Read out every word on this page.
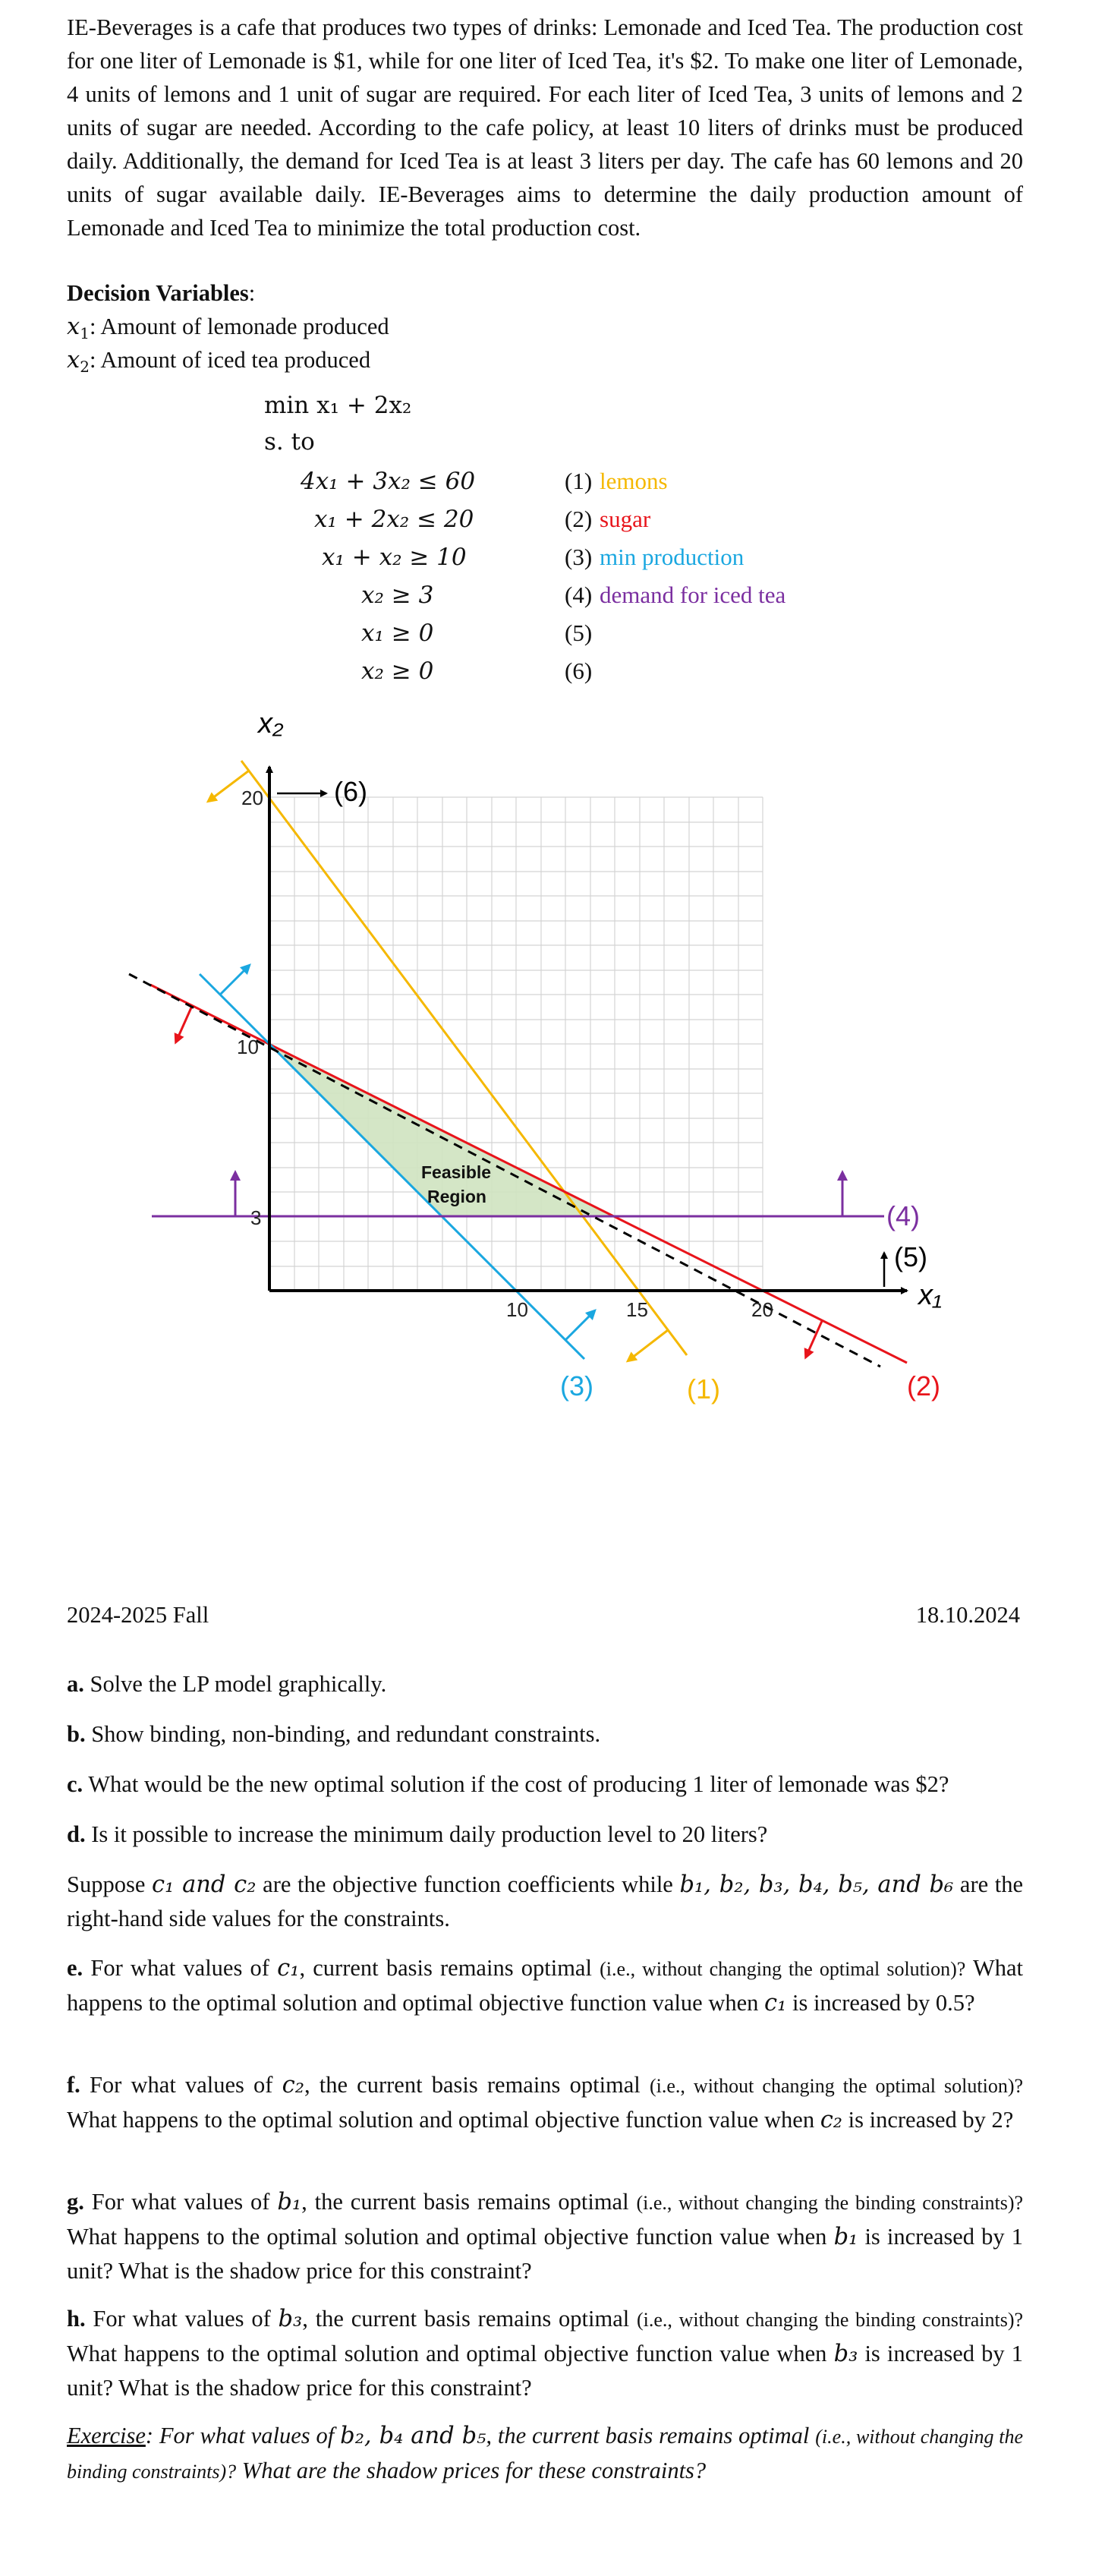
IE-Beverages is a cafe that produces two types of drinks: Lemonade and Iced Tea. The production cost for one liter of Lemonade is $1, while for one liter of Iced Tea, it's $2. To make one liter of Lemonade, 4 units of lemons and 1 unit of sugar are required. For each liter of Iced Tea, 3 units of lemons and 2 units of sugar are needed. According to the cafe policy, at least 10 liters of drinks must be produced daily. Additionally, the demand for Iced Tea is at least 3 liters per day. The cafe has 60 lemons and 20 units of sugar available daily. IE-Beverages aims to determine the daily production amount of Lemonade and Iced Tea to minimize the total production cost.
Decision Variables:
$x_1$: Amount of lemonade produced
$x_2$: Amount of iced tea produced
min x₁ + 2x₂
s. to
4x₁ + 3x₂ ≤ 60	(1) lemons
x₁ + 2x₂ ≤ 20	(2) sugar
x₁ + x₂ ≥ 10	(3) min production
x₂ ≥ 3	(4) demand for iced tea
x₁ ≥ 0	(5)
x₂ ≥ 0	(6)
20
10
3
10	15	20
x₂
x₁
(6)
(5)
(4)
(3)	(1)	(2)
Feasible
Region
2024-2025 Fall	18.10.2024
a. Solve the LP model graphically.
b. Show binding, non-binding, and redundant constraints.
c. What would be the new optimal solution if the cost of producing 1 liter of lemonade was $2?
d. Is it possible to increase the minimum daily production level to 20 liters?
Suppose c₁ and c₂ are the objective function coefficients while b₁, b₂, b₃, b₄, b₅, and b₆ are the right-hand side values for the constraints.
e. For what values of c₁, current basis remains optimal (i.e., without changing the optimal solution)? What happens to the optimal solution and optimal objective function value when c₁ is increased by 0.5?
f. For what values of c₂, the current basis remains optimal (i.e., without changing the optimal solution)? What happens to the optimal solution and optimal objective function value when c₂ is increased by 2?
g. For what values of b₁, the current basis remains optimal (i.e., without changing the binding constraints)? What happens to the optimal solution and optimal objective function value when b₁ is increased by 1 unit? What is the shadow price for this constraint?
h. For what values of b₃, the current basis remains optimal (i.e., without changing the binding constraints)? What happens to the optimal solution and optimal objective function value when b₃ is increased by 1 unit? What is the shadow price for this constraint?
Exercise: For what values of b₂, b₄ and b₅, the current basis remains optimal (i.e., without changing the binding constraints)? What are the shadow prices for these constraints?
